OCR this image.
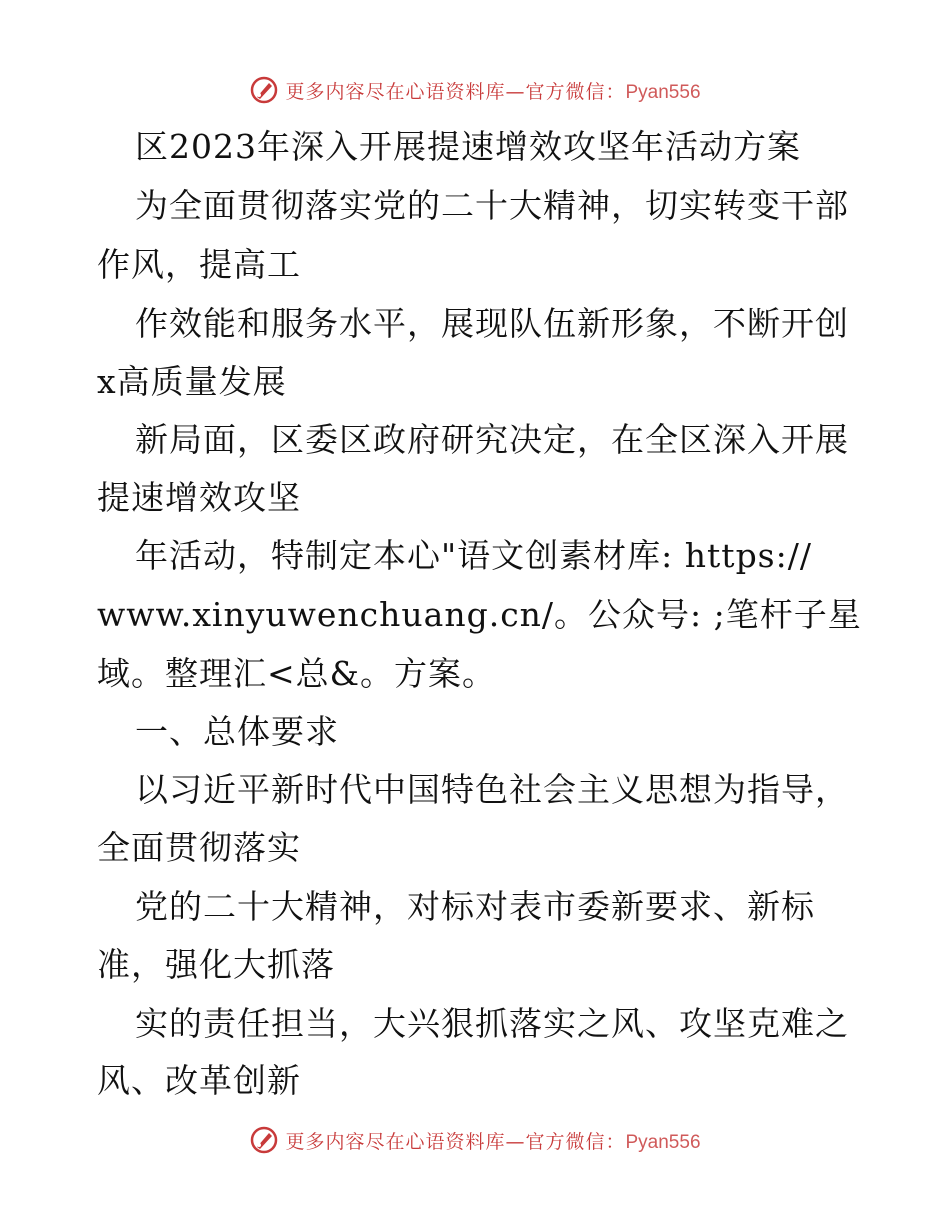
更多内容尽在心语资料库—官方微信：Pyan556
区2023年深入开展提速增效攻坚年活动方案
为全面贯彻落实党的二十大精神，切实转变干部
作风，提高工
作效能和服务水平，展现队伍新形象，不断开创
x高质量发展
新局面，区委区政府研究决定，在全区深入开展
提速增效攻坚
年活动，特制定本心"语文创素材库: https://
www.xinyuwenchuang.cn/。公众号: ;笔杆子星
域。整理汇<总&。方案。
一、总体要求
以习近平新时代中国特色社会主义思想为指导，
全面贯彻落实
党的二十大精神，对标对表市委新要求、新标
准，强化大抓落
实的责任担当，大兴狠抓落实之风、攻坚克难之
风、改革创新
更多内容尽在心语资料库—官方微信：Pyan556
